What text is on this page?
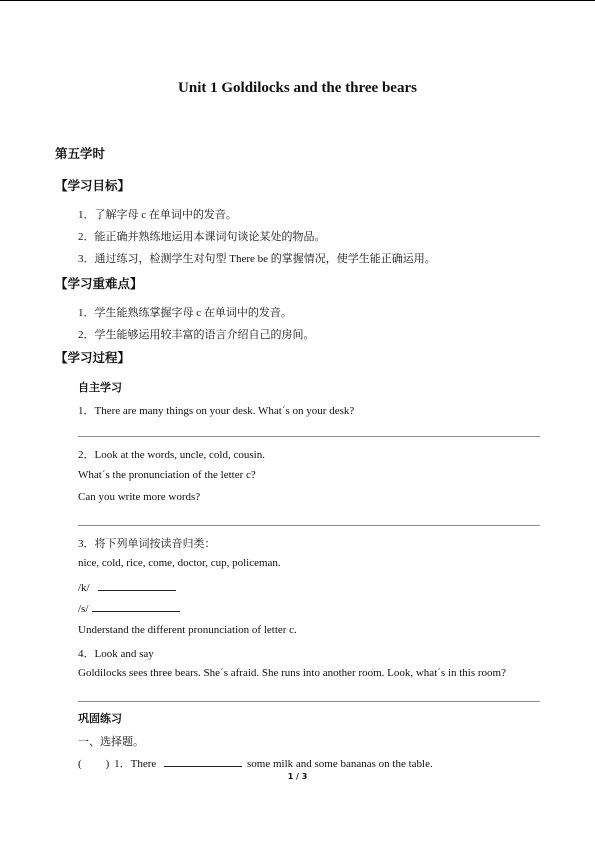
Unit 1 Goldilocks and the three bears
第五学时
【学习目标】
1．了解字母 c 在单词中的发音。
2．能正确并熟练地运用本课词句谈论某处的物品。
3．通过练习，检测学生对句型 There be 的掌握情况，使学生能正确运用。
【学习重难点】
1．学生能熟练掌握字母 c 在单词中的发音。
2．学生能够运用较丰富的语言介绍自己的房间。
【学习过程】
自主学习
1．There are many things on your desk. What´s on your desk?
2．Look at the words, uncle, cold, cousin.
What´s the pronunciation of the letter c?
Can you write more words?
3．将下列单词按读音归类：
nice, cold, rice, come, doctor, cup, policeman.
/k/
/s/
Understand the different pronunciation of letter c.
4．Look and say
Goldilocks sees three bears. She´s afraid. She runs into another room. Look, what´s in this room?
巩固练习
一、选择题。
( ) 1．There	some milk and some bananas on the table.
1 / 3
